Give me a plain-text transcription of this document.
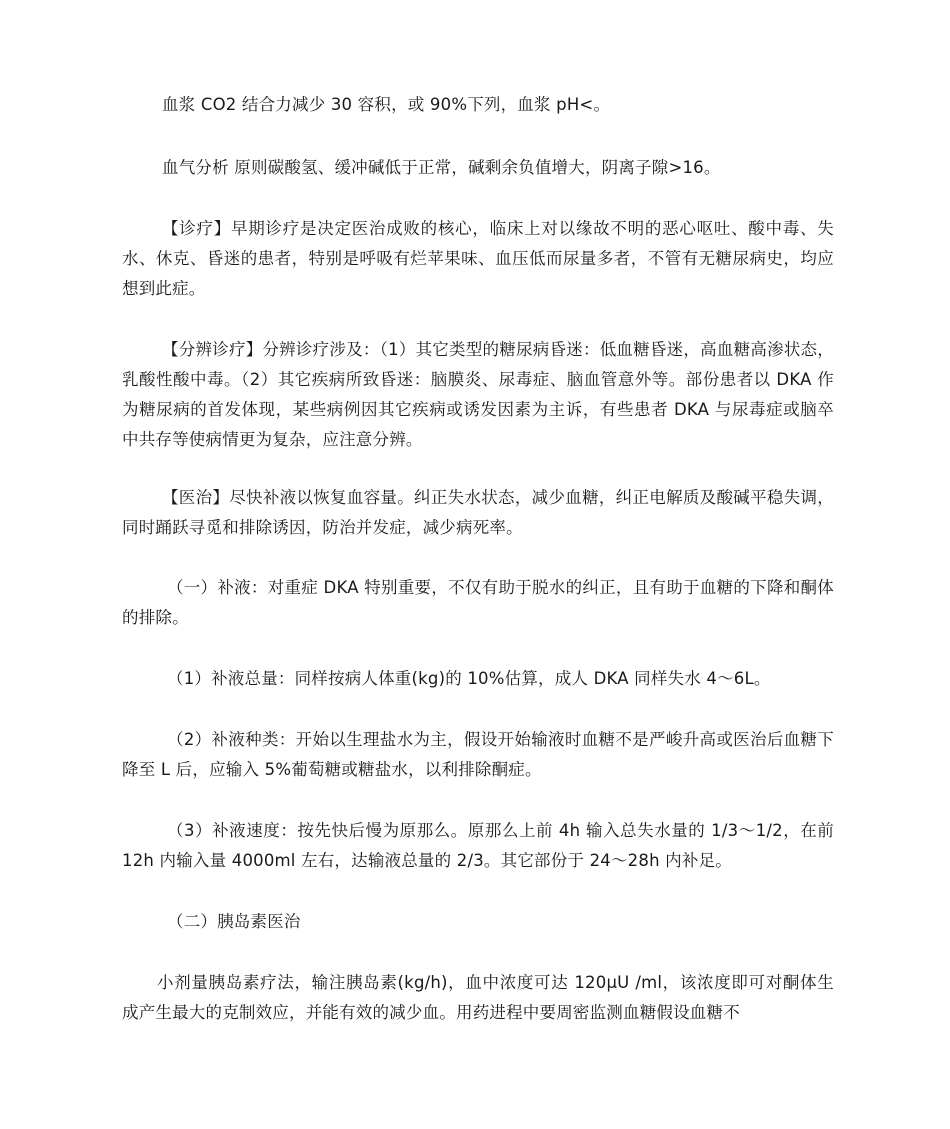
血浆 CO2 结合力减少 30 容积，或 90%下列，血浆 pH<。

血气分析 原则碳酸氢、缓冲碱低于正常，碱剩余负值增大，阴离子隙>16。

【诊疗】早期诊疗是决定医治成败的核心，临床上对以缘故不明的恶心呕吐、酸中毒、失水、休克、昏迷的患者，特别是呼吸有烂苹果味、血压低而尿量多者，不管有无糖尿病史，均应想到此症。

【分辨诊疗】分辨诊疗涉及：（1）其它类型的糖尿病昏迷：低血糖昏迷，高血糖高渗状态，乳酸性酸中毒。（2）其它疾病所致昏迷：脑膜炎、尿毒症、脑血管意外等。部份患者以 DKA 作为糖尿病的首发体现，某些病例因其它疾病或诱发因素为主诉，有些患者 DKA 与尿毒症或脑卒中共存等使病情更为复杂，应注意分辨。

【医治】尽快补液以恢复血容量。纠正失水状态，减少血糖，纠正电解质及酸碱平稳失调，同时踊跃寻觅和排除诱因，防治并发症，减少病死率。

（一）补液：对重症 DKA 特别重要，不仅有助于脱水的纠正，且有助于血糖的下降和酮体的排除。

（1）补液总量：同样按病人体重(kg)的 10%估算，成人 DKA 同样失水 4～6L。

（2）补液种类：开始以生理盐水为主，假设开始输液时血糖不是严峻升高或医治后血糖下降至 L 后，应输入 5%葡萄糖或糖盐水，以利排除酮症。

（3）补液速度：按先快后慢为原那么。原那么上前 4h 输入总失水量的 1/3～1/2，在前 12h 内输入量 4000ml 左右，达输液总量的 2/3。其它部份于 24～28h 内补足。

（二）胰岛素医治

小剂量胰岛素疗法，输注胰岛素(kg/h)，血中浓度可达 120μU /ml，该浓度即可对酮体生成产生最大的克制效应，并能有效的减少血。用药进程中要周密监测血糖假设血糖不
